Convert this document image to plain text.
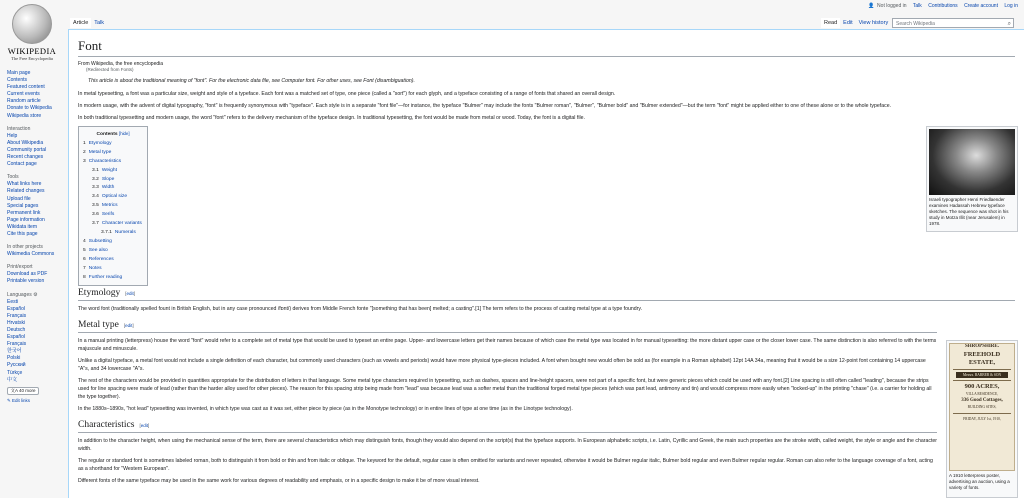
WIKIPEDIA
The Free Encyclopedia
👤 Not logged in Talk Contributions Create account Log in
Article Talk	Read Edit View history	Search Wikipedia	⌕
Main page
Contents
Featured content
Current events
Random article
Donate to Wikipedia
Wikipedia store
Interaction
Help
About Wikipedia
Community portal
Recent changes
Contact page
Tools
What links here
Related changes
Upload file
Special pages
Permanent link
Page information
Wikidata item
Cite this page
In other projects
Wikimedia Commons
Print/export
Download as PDF
Printable version
Languages ⚙
Eesti
Español
Français
Hrvatski
Deutsch
Español
Français
한국어
Polski
Русский
Türkçe
中文
文A 40 more
✎ Edit links
Font
From Wikipedia, the free encyclopedia
(Redirected from Fonts)
This article is about the traditional meaning of "font". For the electronic data file, see Computer font. For other uses, see Font (disambiguation).

In metal typesetting, a font was a particular size, weight and style of a typeface. Each font was a matched set of type, one piece (called a "sort") for each glyph, and a typeface consisting of a range of fonts that shared an overall design.

In modern usage, with the advent of digital typography, "font" is frequently synonymous with "typeface". Each style is in a separate "font file"—for instance, the typeface "Bulmer" may include the fonts "Bulmer roman", "Bulmer", "Bulmer bold" and "Bulmer extended"—but the term "font" might be applied either to one of these alone or to the whole typeface.

In both traditional typesetting and modern usage, the word "font" refers to the delivery mechanism of the typeface design. In traditional typesetting, the font would be made from metal or wood. Today, the font is a digital file.

Etymology [edit]

The word font (traditionally spelled fount in British English, but in any case pronounced /fɒnt/) derives from Middle French fonte "[something that has been] melted; a casting".[1] The term refers to the process of casting metal type at a type foundry.

Metal type [edit]

In a manual printing (letterpress) house the word "font" would refer to a complete set of metal type that would be used to typeset an entire page. Upper- and lowercase letters get their names because of which case the metal type was located in for manual typesetting: the more distant upper case or the closer lower case. The same distinction is also referred to with the terms majuscule and minuscule.

Unlike a digital typeface, a metal font would not include a single definition of each character, but commonly used characters (such as vowels and periods) would have more physical type-pieces included. A font when bought new would often be sold as (for example in a Roman alphabet) 12pt 14A 34a, meaning that it would be a size 12-point font containing 14 uppercase "A"s, and 34 lowercase "A"s.

The rest of the characters would be provided in quantities appropriate for the distribution of letters in that language. Some metal type characters required in typesetting, such as dashes, spaces and line-height spacers, were not part of a specific font, but were generic pieces which could be used with any font.[2] Line spacing is still often called "leading", because the strips used for line spacing were made of lead (rather than the harder alloy used for other pieces). The reason for this spacing strip being made from "lead" was because lead was a softer metal than the traditional forged metal type pieces (which was part lead, antimony and tin) and would compress more easily when "locked-up" in the printing "chase" (i.e. a carrier for holding all the type together).

In the 1880s–1890s, "hot lead" typesetting was invented, in which type was cast as it was set, either piece by piece (as in the Monotype technology) or in entire lines of type at one time (as in the Linotype technology).

Characteristics [edit]

In addition to the character height, when using the mechanical sense of the term, there are several characteristics which may distinguish fonts, though they would also depend on the script(s) that the typeface supports. In European alphabetic scripts, i.e. Latin, Cyrillic and Greek, the main such properties are the stroke width, called weight, the style or angle and the character width.

The regular or standard font is sometimes labeled roman, both to distinguish it from bold or thin and from italic or oblique. The keyword for the default, regular case is often omitted for variants and never repeated, otherwise it would be Bulmer regular italic, Bulmer bold regular and even Bulmer regular regular. Roman can also refer to the language coverage of a font, acting as a shorthand for "Western European".

Different fonts of the same typeface may be used in the same work for various degrees of readability and emphasis, or in a specific design to make it be of more visual interest.

Contents [hide]
1 Etymology
2 Metal type
3 Characteristics
3.1 Weight
3.2 Slope
3.3 Width
3.4 Optical size
3.5 Metrics
3.6 Serifs
3.7 Character variants
3.7.1 Numerals
4 Subsetting
5 See also
6 References
7 Notes
8 Further reading
Israeli typographer Henri Friedlaender examines Hadassah Hebrew typeface sketches. The sequence was shot in his study in Motza Illit (near Jerusalem) in 1978.
SHROPSHIRE.
FREEHOLD ESTATE,
Messrs. BARBER & SON
900 ACRES,
VILLA RESIDENCE,
336 Good Cottages,
BUILDING SITES,
FRIDAY, JULY 1st, 1910,
A 1910 letterpress poster, advertising an auction, using a variety of fonts.
